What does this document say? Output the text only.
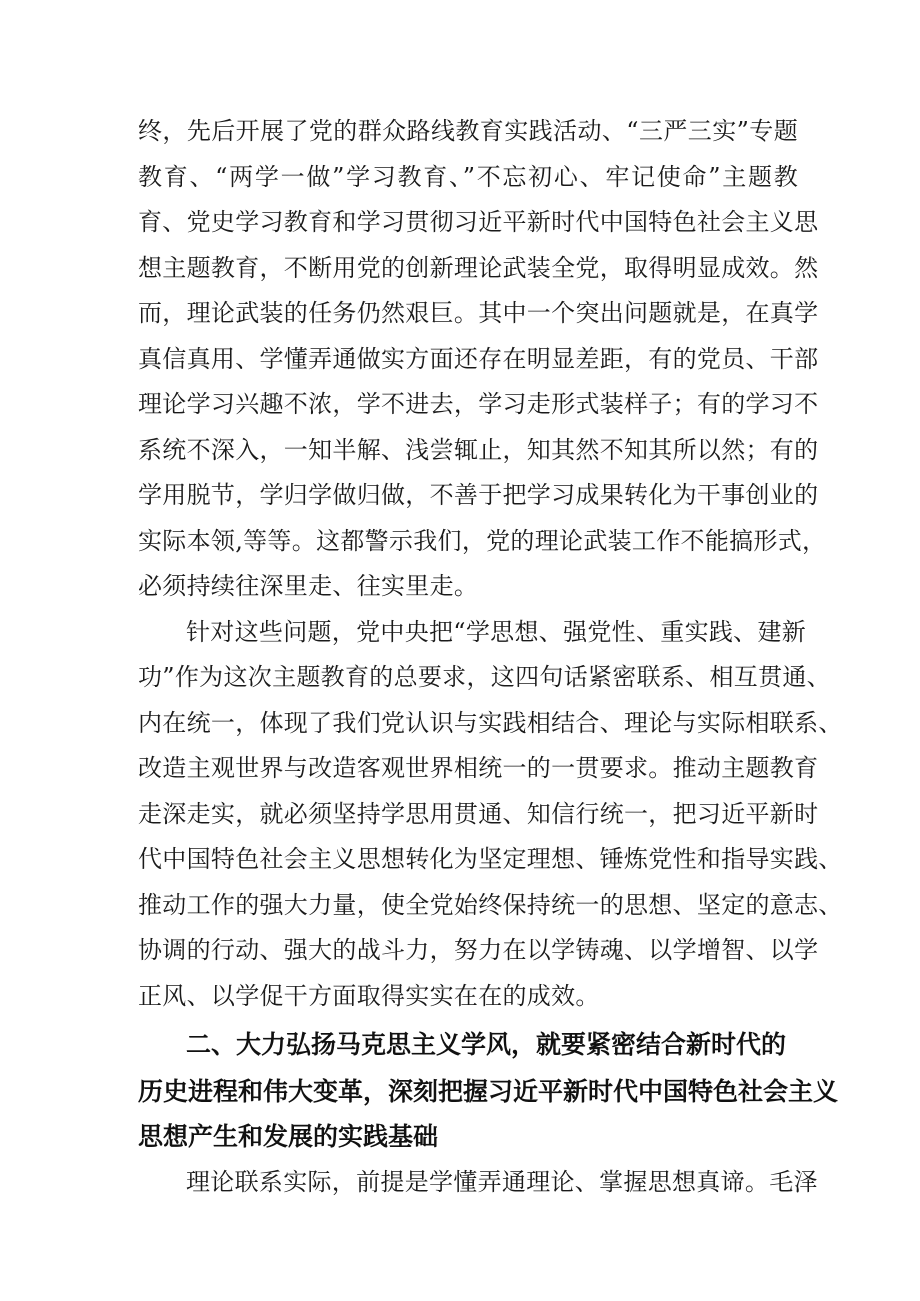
终，先后开展了党的群众路线教育实践活动、“三严三实”专题
教育、“两学一做”学习教育、”不忘初心、牢记使命”主题教
育、党史学习教育和学习贯彻习近平新时代中国特色社会主义思
想主题教育，不断用党的创新理论武装全党，取得明显成效。然
而，理论武装的任务仍然艰巨。其中一个突出问题就是，在真学
真信真用、学懂弄通做实方面还存在明显差距，有的党员、干部
理论学习兴趣不浓，学不进去，学习走形式装样子；有的学习不
系统不深入，一知半解、浅尝辄止，知其然不知其所以然；有的
学用脱节，学归学做归做，不善于把学习成果转化为干事创业的
实际本领,等等。这都警示我们，党的理论武装工作不能搞形式，
必须持续往深里走、往实里走。
针对这些问题，党中央把“学思想、强党性、重实践、建新
功”作为这次主题教育的总要求，这四句话紧密联系、相互贯通、
内在统一，体现了我们党认识与实践相结合、理论与实际相联系、
改造主观世界与改造客观世界相统一的一贯要求。推动主题教育
走深走实，就必须坚持学思用贯通、知信行统一，把习近平新时
代中国特色社会主义思想转化为坚定理想、锤炼党性和指导实践、
推动工作的强大力量，使全党始终保持统一的思想、坚定的意志、
协调的行动、强大的战斗力，努力在以学铸魂、以学增智、以学
正风、以学促干方面取得实实在在的成效。
二、大力弘扬马克思主义学风，就要紧密结合新时代的
历史进程和伟大变革，深刻把握习近平新时代中国特色社会主义
思想产生和发展的实践基础
理论联系实际，前提是学懂弄通理论、掌握思想真谛。毛泽
